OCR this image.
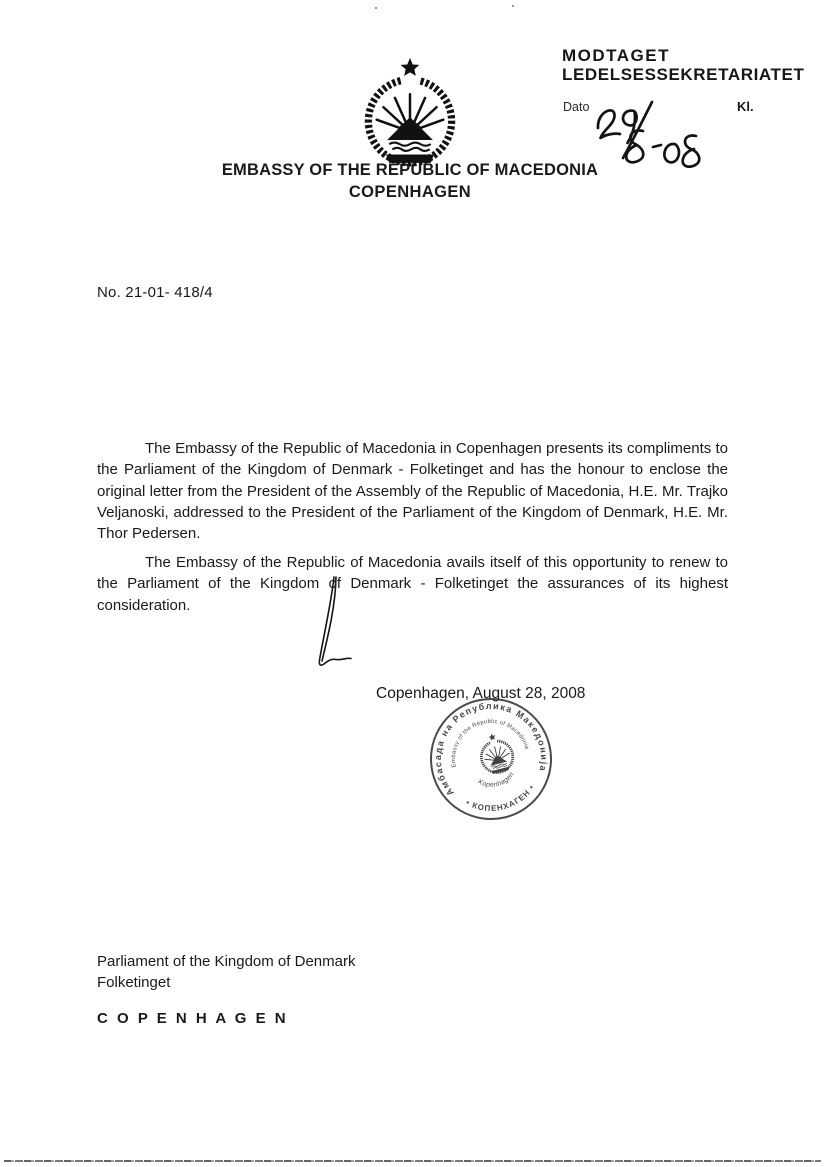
MODTAGET
LEDELSESSEKRETARIATET
Dato	Kl.
EMBASSY OF THE REPUBLIC OF MACEDONIA
COPENHAGEN
No. 21-01- 418/4
The Embassy of the Republic of Macedonia in Copenhagen presents its compliments to the Parliament of the Kingdom of Denmark - Folketinget and has the honour to enclose the original letter from the President of the Assembly of the Republic of Macedonia, H.E. Mr. Trajko Veljanoski, addressed to the President of the Parliament of the Kingdom of Denmark, H.E. Mr. Thor Pedersen.
The Embassy of the Republic of Macedonia avails itself of this opportunity to renew to the Parliament of the Kingdom of Denmark - Folketinget the assurances of its highest consideration.
Copenhagen, August 28, 2008
Амбасада на Република Македонија
• КОПЕНХАГЕН •
Embassy of the Republic of Macedonia
Kopenhagen
Parliament of the Kingdom of Denmark
Folketinget
C O P E N H A G E N
